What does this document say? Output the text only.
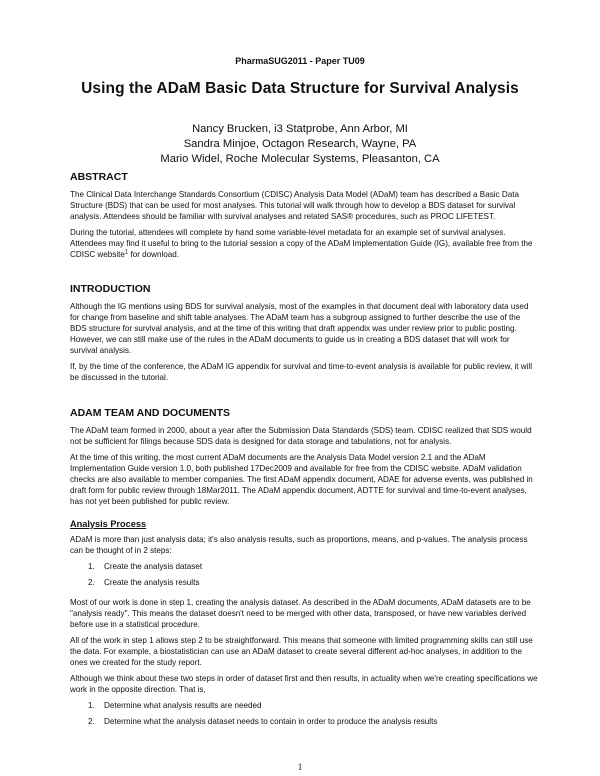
PharmaSUG2011 - Paper TU09
Using the ADaM Basic Data Structure for Survival Analysis
Nancy Brucken, i3 Statprobe, Ann Arbor, MI
Sandra Minjoe, Octagon Research, Wayne, PA
Mario Widel, Roche Molecular Systems, Pleasanton, CA
ABSTRACT

The Clinical Data Interchange Standards Consortium (CDISC) Analysis Data Model (ADaM) team has described a Basic Data Structure (BDS) that can be used for most analyses. This tutorial will walk through how to develop a BDS dataset for survival analysis. Attendees should be familiar with survival analyses and related SAS® procedures, such as PROC LIFETEST.

During the tutorial, attendees will complete by hand some variable-level metadata for an example set of survival analyses. Attendees may find it useful to bring to the tutorial session a copy of the ADaM Implementation Guide (IG), available free from the CDISC website$^1$ for download.

INTRODUCTION

Although the IG mentions using BDS for survival analysis, most of the examples in that document deal with laboratory data used for change from baseline and shift table analyses. The ADaM team has a subgroup assigned to further describe the use of the BDS structure for survival analysis, and at the time of this writing that draft appendix was under review prior to public posting. However, we can still make use of the rules in the ADaM documents to guide us in creating a BDS dataset that will work for survival analysis.

If, by the time of the conference, the ADaM IG appendix for survival and time-to-event analysis is available for public review, it will be discussed in the tutorial.

ADAM TEAM AND DOCUMENTS

The ADaM team formed in 2000, about a year after the Submission Data Standards (SDS) team. CDISC realized that SDS would not be sufficient for filings because SDS data is designed for data storage and tabulations, not for analysis.

At the time of this writing, the most current ADaM documents are the Analysis Data Model version 2.1 and the ADaM Implementation Guide version 1.0, both published 17Dec2009 and available for free from the CDISC website. ADaM validation checks are also available to member companies. The first ADaM appendix document, ADAE for adverse events, was published in draft form for public review through 18Mar2011. The ADaM appendix document, ADTTE for survival and time-to-event analyses, has not yet been published for public review.

Analysis Process

ADaM is more than just analysis data; it's also analysis results, such as proportions, means, and p-values. The analysis process can be thought of in 2 steps:

1. Create the analysis dataset
2. Create the analysis results

Most of our work is done in step 1, creating the analysis dataset. As described in the ADaM documents, ADaM datasets are to be "analysis ready". This means the dataset doesn't need to be merged with other data, transposed, or have new variables derived before use in a statistical procedure.

All of the work in step 1 allows step 2 to be straightforward. This means that someone with limited programming skills can still use the data. For example, a biostatistician can use an ADaM dataset to create several different ad-hoc analyses, in addition to the ones we created for the study report.

Although we think about these two steps in order of dataset first and then results, in actuality when we're creating specifications we work in the opposite direction. That is,

1. Determine what analysis results are needed
2. Determine what the analysis dataset needs to contain in order to produce the analysis results
1
